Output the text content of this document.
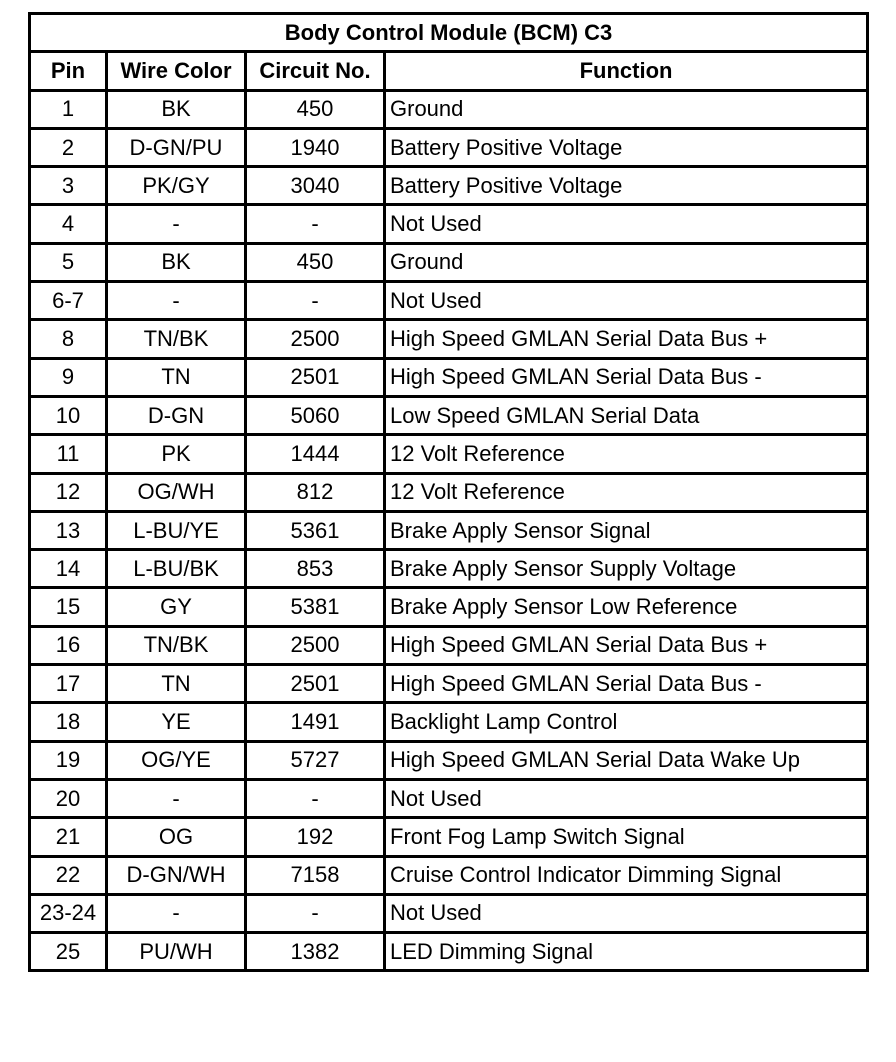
Body Control Module (BCM) C3			
Pin	Wire Color	Circuit No.	Function
1	BK	450	Ground
2	D-GN/PU	1940	Battery Positive Voltage
3	PK/GY	3040	Battery Positive Voltage
4	-	-	Not Used
5	BK	450	Ground
6-7	-	-	Not Used
8	TN/BK	2500	High Speed GMLAN Serial Data Bus +
9	TN	2501	High Speed GMLAN Serial Data Bus -
10	D-GN	5060	Low Speed GMLAN Serial Data
11	PK	1444	12 Volt Reference
12	OG/WH	812	12 Volt Reference
13	L-BU/YE	5361	Brake Apply Sensor Signal
14	L-BU/BK	853	Brake Apply Sensor Supply Voltage
15	GY	5381	Brake Apply Sensor Low Reference
16	TN/BK	2500	High Speed GMLAN Serial Data Bus +
17	TN	2501	High Speed GMLAN Serial Data Bus -
18	YE	1491	Backlight Lamp Control
19	OG/YE	5727	High Speed GMLAN Serial Data Wake Up
20	-	-	Not Used
21	OG	192	Front Fog Lamp Switch Signal
22	D-GN/WH	7158	Cruise Control Indicator Dimming Signal
23-24	-	-	Not Used
25	PU/WH	1382	LED Dimming Signal
